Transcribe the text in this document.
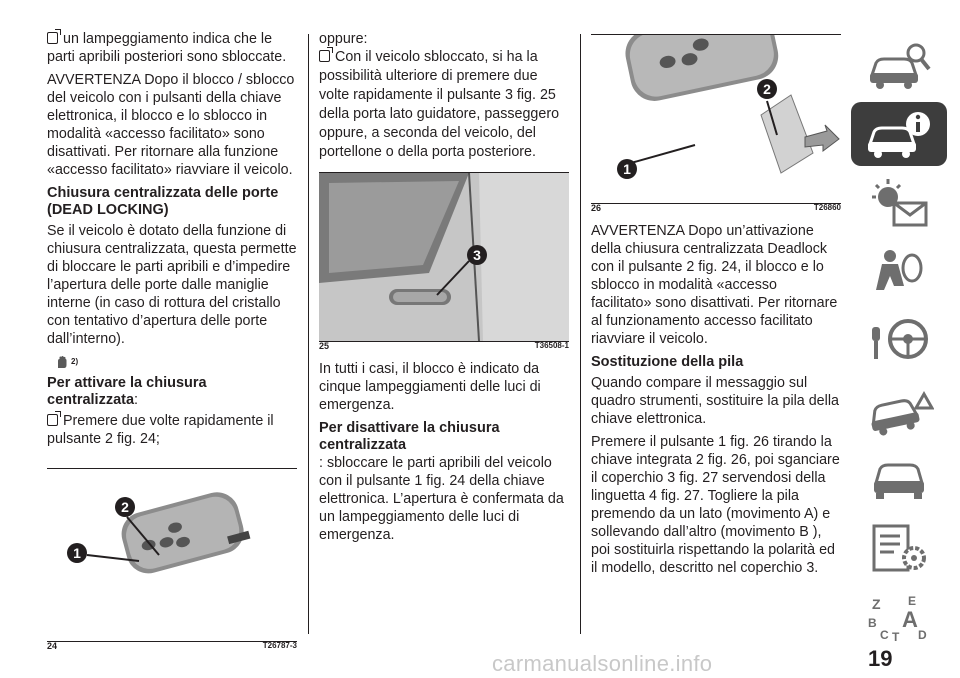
un lampeggiamento indica che le parti apribili posteriori sono sbloccate.

AVVERTENZA Dopo il blocco / sblocco del veicolo con i pulsanti della chiave elettronica, il blocco e lo sblocco in modalità «accesso facilitato» sono disattivati. Per ritornare alla funzione «accesso facilitato» riavviare il veicolo.

Chiusura centralizzata delle porte (DEAD LOCKING)

Se il veicolo è dotato della funzione di chiusura centralizzata, questa permette di bloccare le parti apribili e d’impedire l’apertura delle porte dalle maniglie interne (in caso di rottura del cristallo con tentativo d’apertura delle porte dall’interno).

2)

Per attivare la chiusura centralizzata:

Premere due volte rapidamente il pulsante 2 fig. 24;

1
2
24	T26787-3

oppure:

Con il veicolo sbloccato, si ha la possibilità ulteriore di premere due volte rapidamente il pulsante 3 fig. 25 della porta lato guidatore, passeggero oppure, a seconda del veicolo, del portellone o della porta posteriore.

3
25	T36508-1

In tutti i casi, il blocco è indicato da cinque lampeggiamenti delle luci di emergenza.

Per disattivare la chiusura centralizzata

: sbloccare le parti apribili del veicolo con il pulsante 1 fig. 24 della chiave elettronica. L’apertura è confermata da un lampeggiamento delle luci di emergenza.

1
2
26	T26860

AVVERTENZA Dopo un’attivazione della chiusura centralizzata Deadlock con il pulsante 2 fig. 24, il blocco e lo sblocco in modalità «accesso facilitato» sono disattivati. Per ritornare al funzionamento accesso facilitato riavviare il veicolo.

Sostituzione della pila

Quando compare il messaggio sul quadro strumenti, sostituire la pila della chiave elettronica.

Premere il pulsante 1 fig. 26 tirando la chiave integrata 2 fig. 26, poi sganciare il coperchio 3 fig. 27 servendosi della linguetta 4 fig. 27. Togliere la pila premendo da un lato (movimento A) e sollevando dall’altro (movimento B ), poi sostituirla rispettando la polarità ed il modello, descritto nel coperchio 3.

Z E
B A
C T D
carmanualsonline.info	19
